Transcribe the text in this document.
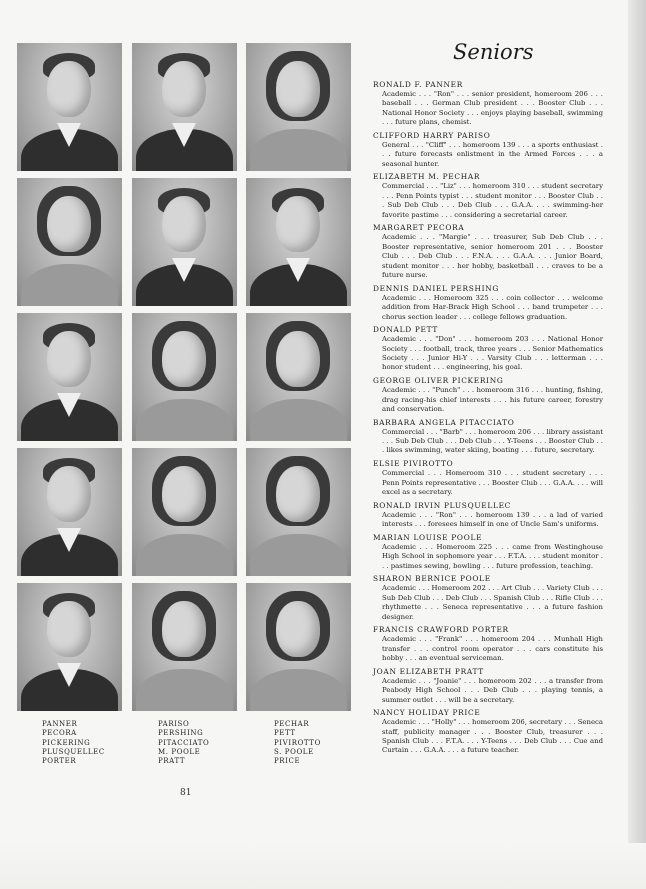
PANNER
PECORA
PICKERING
PLUSQUELLEC
PORTER
PARISO
PERSHING
PITACCIATO
M. POOLE
PRATT
PECHAR
PETT
PIVIROTTO
S. POOLE
PRICE
81
Seniors
RONALD F. PANNER
Academic . . . "Ron" . . . senior president, homeroom 206 . . . baseball . . . German Club president . . . Booster Club . . . National Honor Society . . . enjoys playing baseball, swimming . . . future plans, chemist.
CLIFFORD HARRY PARISO
General . . . "Cliff" . . . homeroom 139 . . . a sports enthusiast . . . future forecasts enlistment in the Armed Forces . . . a seasonal hunter.
ELIZABETH M. PECHAR
Commercial . . . "Liz" . . . homeroom 310 . . . student secretary . . . Penn Points typist . . . student monitor . . . Booster Club . . . Sub Deb Club . . . Deb Club . . . G.A.A. . . . swimming-her favorite pastime . . . considering a secretarial career.
MARGARET PECORA
Academic . . . "Margie" . . . treasurer, Sub Deb Club . . . Booster representative, senior homeroom 201 . . . Booster Club . . . Deb Club . . . F.N.A. . . . G.A.A. . . . Junior Board, student monitor . . . her hobby, basketball . . . craves to be a future nurse.
DENNIS DANIEL PERSHING
Academic . . . Homeroom 325 . . . coin collector . . . welcome addition from Har-Brack High School . . . band trumpeter . . . chorus section leader . . . college fellows graduation.
DONALD PETT
Academic . . . "Don" . . . homeroom 203 . . . National Honor Society . . . football, track, three years . . . Senior Mathematics Society . . . Junior Hi-Y . . . Varsity Club . . . letterman . . . honor student . . . engineering, his goal.
GEORGE OLIVER PICKERING
Academic . . . "Punch" . . . homeroom 316 . . . hunting, fishing, drag racing-his chief interests . . . his future career, forestry and conservation.
BARBARA ANGELA PITACCIATO
Commercial . . . "Barb" . . . homeroom 206 . . . library assistant . . . Sub Deb Club . . . Deb Club . . . Y-Teens . . . Booster Club . . . likes swimming, water skiing, boating . . . future, secretary.
ELSIE PIVIROTTO
Commercial . . . Homeroom 310 . . . student secretary . . . Penn Points representative . . . Booster Club . . . G.A.A. . . . will excel as a secretary.
RONALD IRVIN PLUSQUELLEC
Academic . . . "Ron" . . . homeroom 139 . . . a lad of varied interests . . . foresees himself in one of Uncle Sam's uniforms.
MARIAN LOUISE POOLE
Academic . . . Homeroom 225 . . . came from Westinghouse High School in sophomore year . . . F.T.A. . . . student monitor . . . pastimes sewing, bowling . . . future profession, teaching.
SHARON BERNICE POOLE
Academic . . . Homeroom 202 . . . Art Club . . . Variety Club . . . Sub Deb Club . . . Deb Club . . . Spanish Club . . . Rifle Club . . . rhythmette . . . Seneca representative . . . a future fashion designer.
FRANCIS CRAWFORD PORTER
Academic . . . "Frank" . . . homeroom 204 . . . Munhall High transfer . . . control room operator . . . cars constitute his hobby . . . an eventual serviceman.
JOAN ELIZABETH PRATT
Academic . . . "Joanie" . . . homeroom 202 . . . a transfer from Peabody High School . . . Deb Club . . . playing tennis, a summer outlet . . . will be a secretary.
NANCY HOLIDAY PRICE
Academic . . . "Holly" . . . homeroom 206, secretary . . . Seneca staff, publicity manager . . . Booster Club, treasurer . . . Spanish Club . . . F.T.A. . . . Y-Teens . . . Deb Club . . . Cue and Curtain . . . G.A.A. . . . a future teacher.
